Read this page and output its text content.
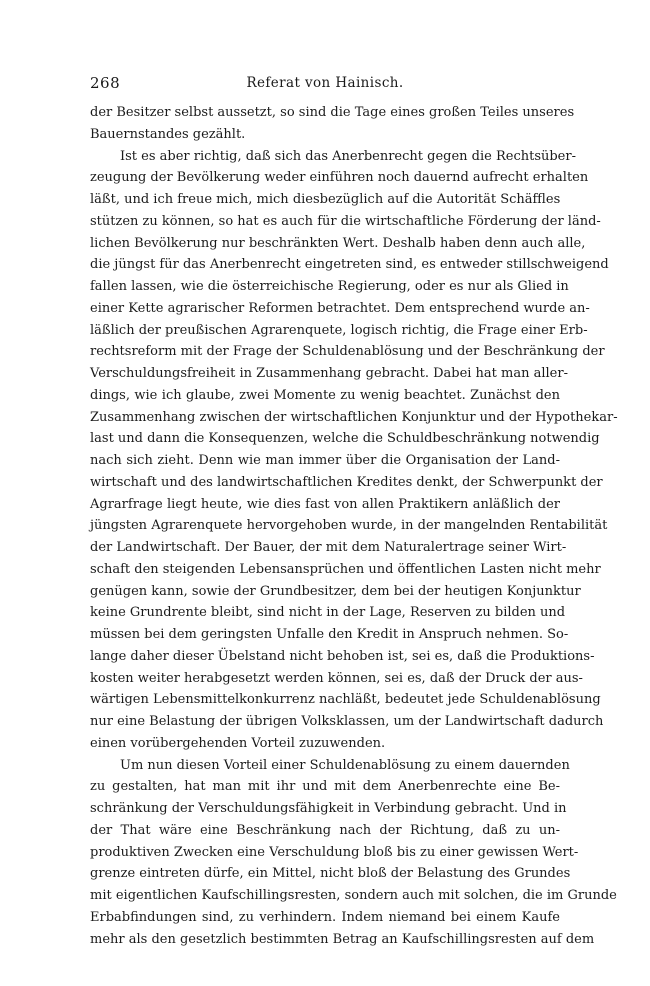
268	Referat von Hainisch.
der Besitzer selbst aussetzt, so sind die Tage eines großen Teiles unseres
Bauernstandes gezählt.
Ist es aber richtig, daß sich das Anerbenrecht gegen die Rechtsüber-
zeugung der Bevölkerung weder einführen noch dauernd aufrecht erhalten
läßt, und ich freue mich, mich diesbezüglich auf die Autorität Schäffles
stützen zu können, so hat es auch für die wirtschaftliche Förderung der länd-
lichen Bevölkerung nur beschränkten Wert. Deshalb haben denn auch alle,
die jüngst für das Anerbenrecht eingetreten sind, es entweder stillschweigend
fallen lassen, wie die österreichische Regierung, oder es nur als Glied in
einer Kette agrarischer Reformen betrachtet. Dem entsprechend wurde an-
läßlich der preußischen Agrarenquete, logisch richtig, die Frage einer Erb-
rechtsreform mit der Frage der Schuldenablösung und der Beschränkung der
Verschuldungsfreiheit in Zusammenhang gebracht. Dabei hat man aller-
dings, wie ich glaube, zwei Momente zu wenig beachtet. Zunächst den
Zusammenhang zwischen der wirtschaftlichen Konjunktur und der Hypothekar-
last und dann die Konsequenzen, welche die Schuldbeschränkung notwendig
nach sich zieht. Denn wie man immer über die Organisation der Land-
wirtschaft und des landwirtschaftlichen Kredites denkt, der Schwerpunkt der
Agrarfrage liegt heute, wie dies fast von allen Praktikern anläßlich der
jüngsten Agrarenquete hervorgehoben wurde, in der mangelnden Rentabilität
der Landwirtschaft. Der Bauer, der mit dem Naturalertrage seiner Wirt-
schaft den steigenden Lebensansprüchen und öffentlichen Lasten nicht mehr
genügen kann, sowie der Grundbesitzer, dem bei der heutigen Konjunktur
keine Grundrente bleibt, sind nicht in der Lage, Reserven zu bilden und
müssen bei dem geringsten Unfalle den Kredit in Anspruch nehmen. So-
lange daher dieser Übelstand nicht behoben ist, sei es, daß die Produktions-
kosten weiter herabgesetzt werden können, sei es, daß der Druck der aus-
wärtigen Lebensmittelkonkurrenz nachläßt, bedeutet jede Schuldenablösung
nur eine Belastung der übrigen Volksklassen, um der Landwirtschaft dadurch
einen vorübergehenden Vorteil zuzuwenden.
Um nun diesen Vorteil einer Schuldenablösung zu einem dauernden
zu gestalten, hat man mit ihr und mit dem Anerbenrechte eine Be-
schränkung der Verschuldungsfähigkeit in Verbindung gebracht. Und in
der That wäre eine Beschränkung nach der Richtung, daß zu un-
produktiven Zwecken eine Verschuldung bloß bis zu einer gewissen Wert-
grenze eintreten dürfe, ein Mittel, nicht bloß der Belastung des Grundes
mit eigentlichen Kaufschillingsresten, sondern auch mit solchen, die im Grunde
Erbabfindungen sind, zu verhindern. Indem niemand bei einem Kaufe
mehr als den gesetzlich bestimmten Betrag an Kaufschillingsresten auf dem
